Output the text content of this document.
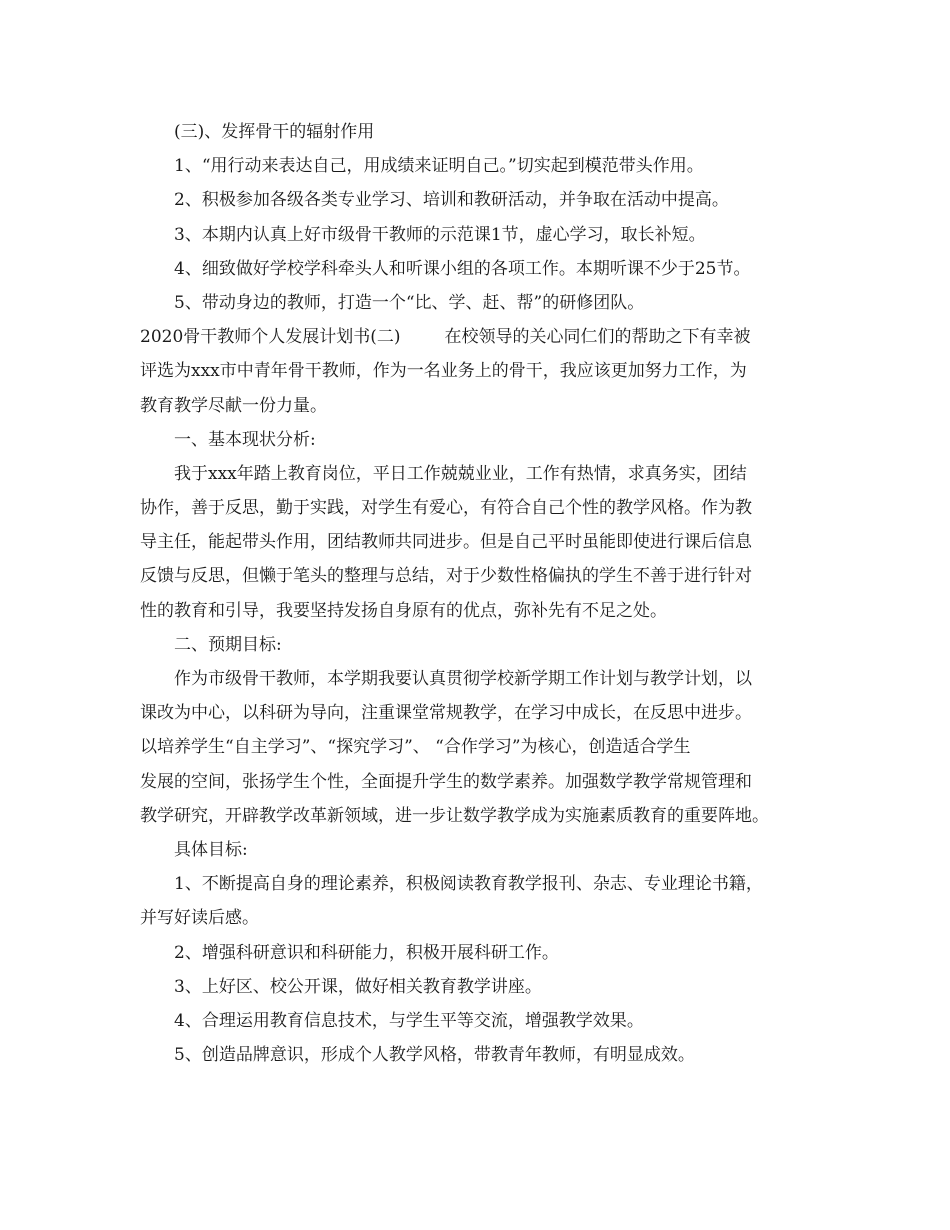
(三)、发挥骨干的辐射作用
1、“用行动来表达自己，用成绩来证明自己。”切实起到模范带头作用。
2、积极参加各级各类专业学习、培训和教研活动，并争取在活动中提高。
3、本期内认真上好市级骨干教师的示范课1节，虚心学习，取长补短。
4、细致做好学校学科牵头人和听课小组的各项工作。本期听课不少于25节。
5、带动身边的教师，打造一个“比、学、赶、帮”的研修团队。
2020骨干教师个人发展计划书(二)	在校领导的关心同仁们的帮助之下有幸被
评选为xxx市中青年骨干教师，作为一名业务上的骨干，我应该更加努力工作，为
教育教学尽献一份力量。
一、基本现状分析:
我于xxx年踏上教育岗位，平日工作兢兢业业，工作有热情，求真务实，团结
协作，善于反思，勤于实践，对学生有爱心，有符合自己个性的教学风格。作为教
导主任，能起带头作用，团结教师共同进步。但是自己平时虽能即使进行课后信息
反馈与反思，但懒于笔头的整理与总结，对于少数性格偏执的学生不善于进行针对
性的教育和引导，我要坚持发扬自身原有的优点，弥补先有不足之处。
二、预期目标:
作为市级骨干教师，本学期我要认真贯彻学校新学期工作计划与教学计划，以
课改为中心，以科研为导向，注重课堂常规教学，在学习中成长，在反思中进步。
以培养学生“自主学习”、“探究学习”、 “合作学习”为核心，创造适合学生
发展的空间，张扬学生个性，全面提升学生的数学素养。加强数学教学常规管理和
教学研究，开辟教学改革新领域，进一步让数学教学成为实施素质教育的重要阵地。
具体目标:
1、不断提高自身的理论素养，积极阅读教育教学报刊、杂志、专业理论书籍，
并写好读后感。
2、增强科研意识和科研能力，积极开展科研工作。
3、上好区、校公开课，做好相关教育教学讲座。
4、合理运用教育信息技术，与学生平等交流，增强教学效果。
5、创造品牌意识，形成个人教学风格，带教青年教师，有明显成效。
